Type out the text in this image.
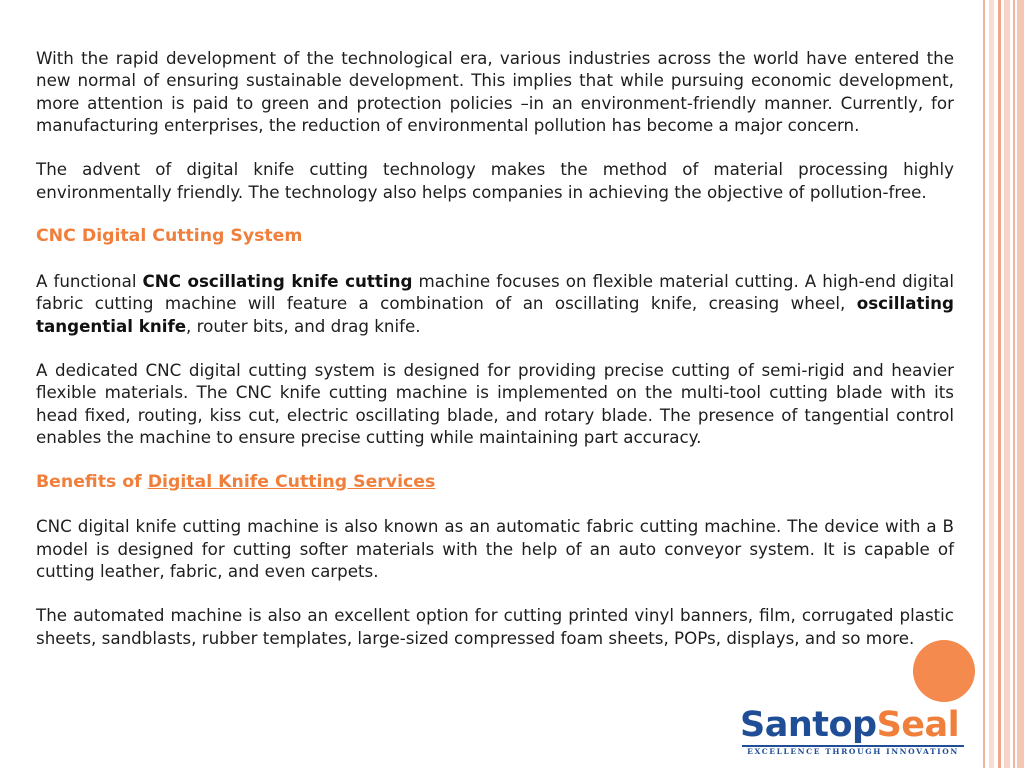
With the rapid development of the technological era, various industries across the world have entered the new normal of ensuring sustainable development. This implies that while pursuing economic development, more attention is paid to green and protection policies –in an environment-friendly manner. Currently, for manufacturing enterprises, the reduction of environmental pollution has become a major concern.

The advent of digital knife cutting technology makes the method of material processing highly environmentally friendly. The technology also helps companies in achieving the objective of pollution-free.

CNC Digital Cutting System

A functional CNC oscillating knife cutting machine focuses on flexible material cutting. A high-end digital fabric cutting machine will feature a combination of an oscillating knife, creasing wheel, oscillating tangential knife, router bits, and drag knife.

A dedicated CNC digital cutting system is designed for providing precise cutting of semi-rigid and heavier flexible materials. The CNC knife cutting machine is implemented on the multi-tool cutting blade with its head fixed, routing, kiss cut, electric oscillating blade, and rotary blade. The presence of tangential control enables the machine to ensure precise cutting while maintaining part accuracy.

Benefits of Digital Knife Cutting Services

CNC digital knife cutting machine is also known as an automatic fabric cutting machine. The device with a B model is designed for cutting softer materials with the help of an auto conveyor system. It is capable of cutting leather, fabric, and even carpets.

The automated machine is also an excellent option for cutting printed vinyl banners, film, corrugated plastic sheets, sandblasts, rubber templates, large-sized compressed foam sheets, POPs, displays, and so more.

SantopSeal
EXCELLENCE THROUGH INNOVATION
